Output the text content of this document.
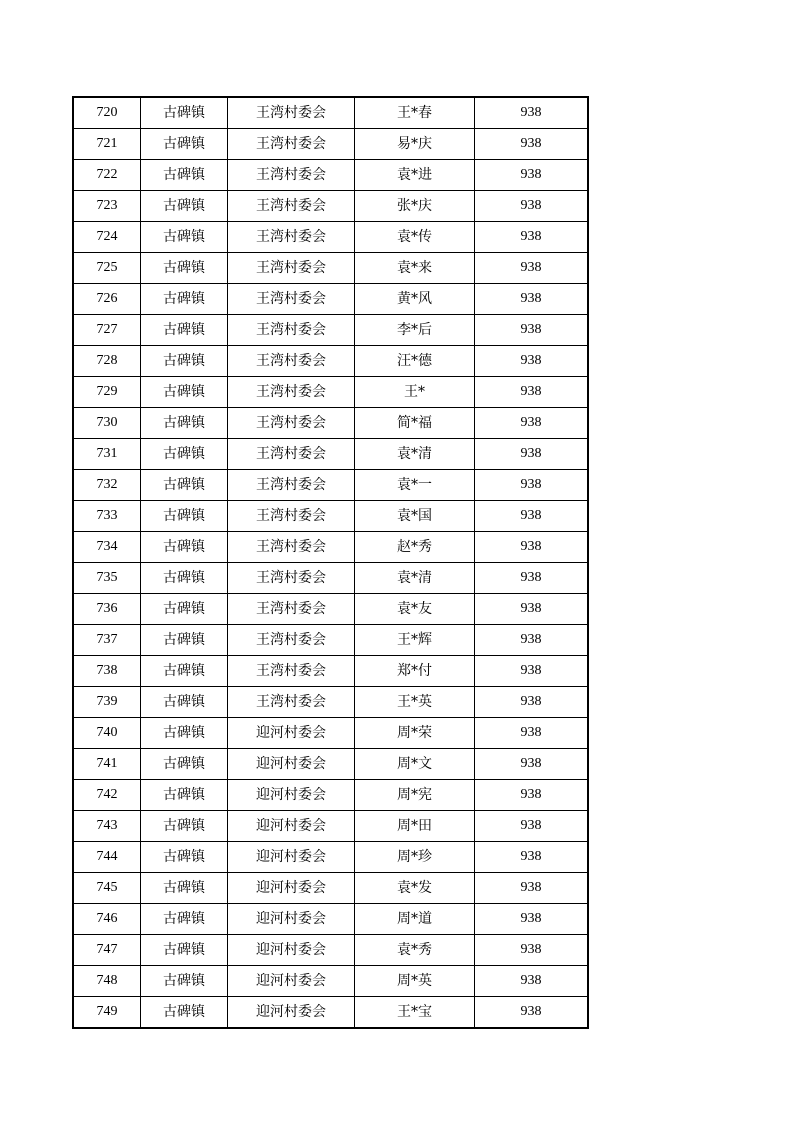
720	古碑镇	王湾村委会	王*春	938
721	古碑镇	王湾村委会	易*庆	938
722	古碑镇	王湾村委会	袁*进	938
723	古碑镇	王湾村委会	张*庆	938
724	古碑镇	王湾村委会	袁*传	938
725	古碑镇	王湾村委会	袁*来	938
726	古碑镇	王湾村委会	黄*风	938
727	古碑镇	王湾村委会	李*后	938
728	古碑镇	王湾村委会	汪*德	938
729	古碑镇	王湾村委会	王*	938
730	古碑镇	王湾村委会	简*福	938
731	古碑镇	王湾村委会	袁*清	938
732	古碑镇	王湾村委会	袁*一	938
733	古碑镇	王湾村委会	袁*国	938
734	古碑镇	王湾村委会	赵*秀	938
735	古碑镇	王湾村委会	袁*清	938
736	古碑镇	王湾村委会	袁*友	938
737	古碑镇	王湾村委会	王*辉	938
738	古碑镇	王湾村委会	郑*付	938
739	古碑镇	王湾村委会	王*英	938
740	古碑镇	迎河村委会	周*荣	938
741	古碑镇	迎河村委会	周*文	938
742	古碑镇	迎河村委会	周*宪	938
743	古碑镇	迎河村委会	周*田	938
744	古碑镇	迎河村委会	周*珍	938
745	古碑镇	迎河村委会	袁*发	938
746	古碑镇	迎河村委会	周*道	938
747	古碑镇	迎河村委会	袁*秀	938
748	古碑镇	迎河村委会	周*英	938
749	古碑镇	迎河村委会	王*宝	938
